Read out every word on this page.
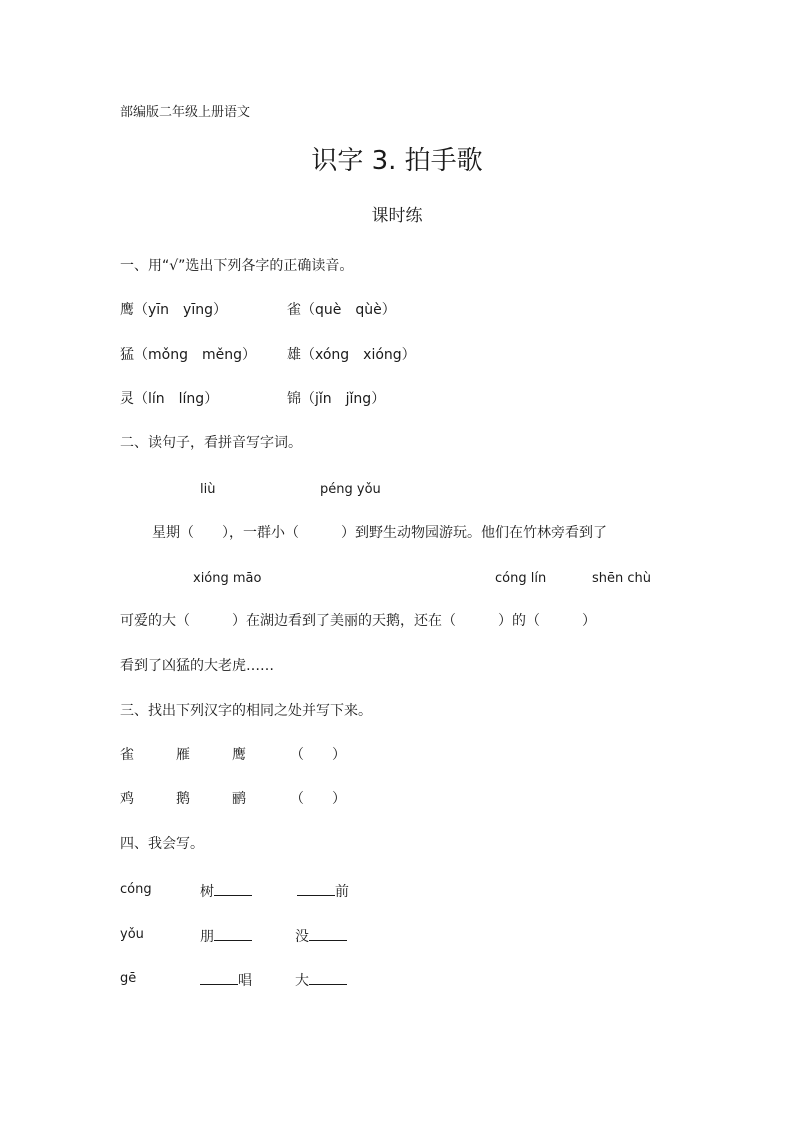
部编版二年级上册语文
识字 3. 拍手歌
课时练
一、用“√”选出下列各字的正确读音。
鹰（yīn　yīng）	雀（què　qùè）
猛（mǒng　měng） 雄（xóng　xióng）
灵（lín　líng）	锦（jǐn　jǐng）
二、读句子，看拼音写字词。
liù	péng yǒu
星期（　　），一群小（　　　）到野生动物园游玩。他们在竹林旁看到了
xióng māo	cóng lín	shēn chù
可爱的大（　　　）在湖边看到了美丽的天鹅，还在（　　　）的（　　　）
看到了凶猛的大老虎……
三、找出下列汉字的相同之处并写下来。
雀	雁	鹰	（　　）
鸡	鹅	鹂	（　　）
四、我会写。
cóng	树	前
yǒu	朋	没
gē	唱	大
